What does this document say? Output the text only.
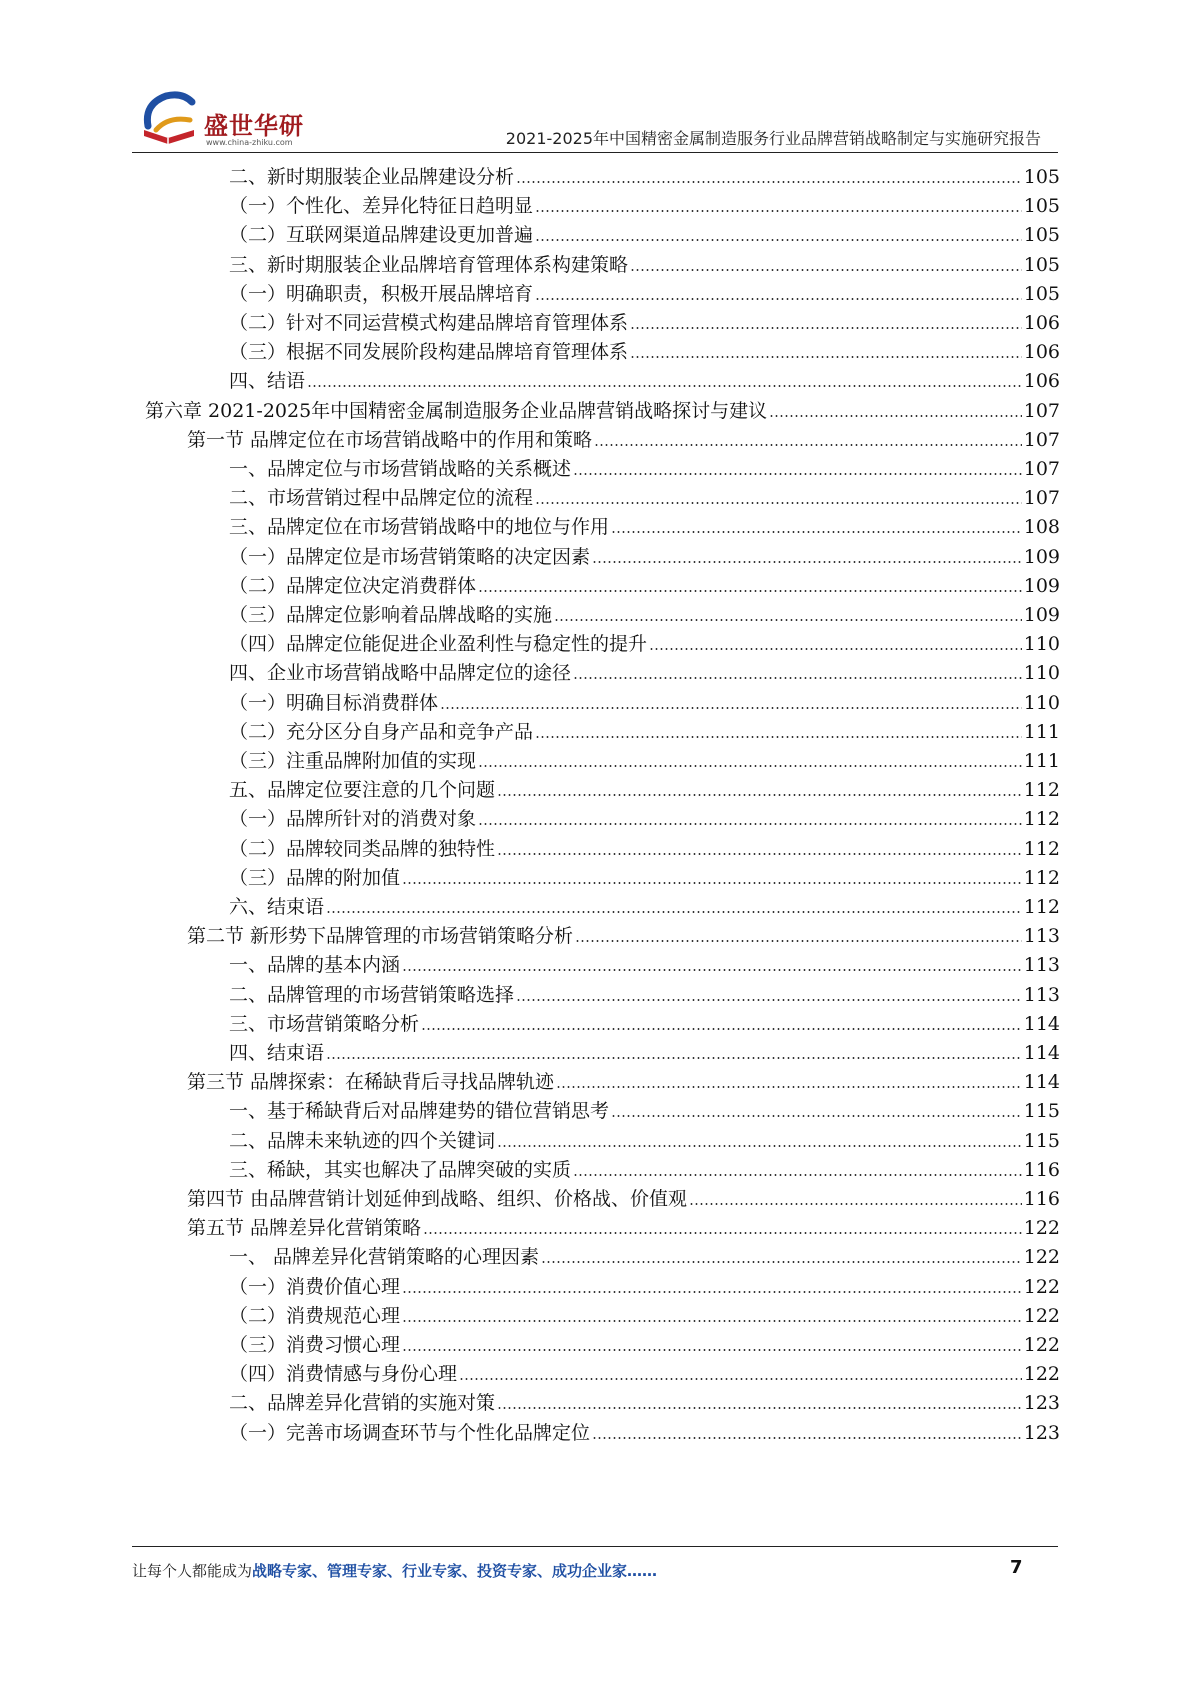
盛世华研
www.china-zhiku.com	2021-2025年中国精密金属制造服务行业品牌营销战略制定与实施研究报告
二、新时期服装企业品牌建设分析	105
（一）个性化、差异化特征日趋明显	105
（二）互联网渠道品牌建设更加普遍	105
三、新时期服装企业品牌培育管理体系构建策略	105
（一）明确职责，积极开展品牌培育	105
（二）针对不同运营模式构建品牌培育管理体系	106
（三）根据不同发展阶段构建品牌培育管理体系	106
四、结语	106
第六章 2021-2025年中国精密金属制造服务企业品牌营销战略探讨与建议	107
第一节 品牌定位在市场营销战略中的作用和策略	107
一、品牌定位与市场营销战略的关系概述	107
二、市场营销过程中品牌定位的流程	107
三、品牌定位在市场营销战略中的地位与作用	108
（一）品牌定位是市场营销策略的决定因素	109
（二）品牌定位决定消费群体	109
（三）品牌定位影响着品牌战略的实施	109
（四）品牌定位能促进企业盈利性与稳定性的提升	110
四、企业市场营销战略中品牌定位的途径	110
（一）明确目标消费群体	110
（二）充分区分自身产品和竞争产品	111
（三）注重品牌附加值的实现	111
五、品牌定位要注意的几个问题	112
（一）品牌所针对的消费对象	112
（二）品牌较同类品牌的独特性	112
（三）品牌的附加值	112
六、结束语	112
第二节 新形势下品牌管理的市场营销策略分析	113
一、品牌的基本内涵	113
二、品牌管理的市场营销策略选择	113
三、市场营销策略分析	114
四、结束语	114
第三节 品牌探索：在稀缺背后寻找品牌轨迹	114
一、基于稀缺背后对品牌建势的错位营销思考	115
二、品牌未来轨迹的四个关键词	115
三、稀缺，其实也解决了品牌突破的实质	116
第四节 由品牌营销计划延伸到战略、组织、价格战、价值观	116
第五节 品牌差异化营销策略	122
一、 品牌差异化营销策略的心理因素	122
（一）消费价值心理	122
（二）消费规范心理	122
（三）消费习惯心理	122
（四）消费情感与身份心理	122
二、品牌差异化营销的实施对策	123
（一）完善市场调查环节与个性化品牌定位	123
让每个人都能成为战略专家、管理专家、行业专家、投资专家、成功企业家……	7
